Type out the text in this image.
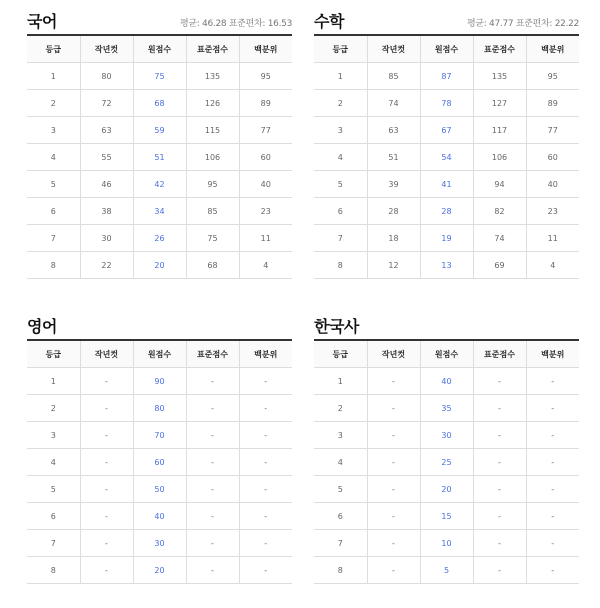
국어	평균: 46.28 표준편차: 16.53
등급	작년컷	원점수	표준점수	백분위
1	80	75	135	95
2	72	68	126	89
3	63	59	115	77
4	55	51	106	60
5	46	42	95	40
6	38	34	85	23
7	30	26	75	11
8	22	20	68	4
수학	평균: 47.77 표준편차: 22.22
등급	작년컷	원점수	표준점수	백분위
1	85	87	135	95
2	74	78	127	89
3	63	67	117	77
4	51	54	106	60
5	39	41	94	40
6	28	28	82	23
7	18	19	74	11
8	12	13	69	4
영어
등급	작년컷	원점수	표준점수	백분위
1	-	90	-	-
2	-	80	-	-
3	-	70	-	-
4	-	60	-	-
5	-	50	-	-
6	-	40	-	-
7	-	30	-	-
8	-	20	-	-
한국사
등급	작년컷	원점수	표준점수	백분위
1	-	40	-	-
2	-	35	-	-
3	-	30	-	-
4	-	25	-	-
5	-	20	-	-
6	-	15	-	-
7	-	10	-	-
8	-	5	-	-
